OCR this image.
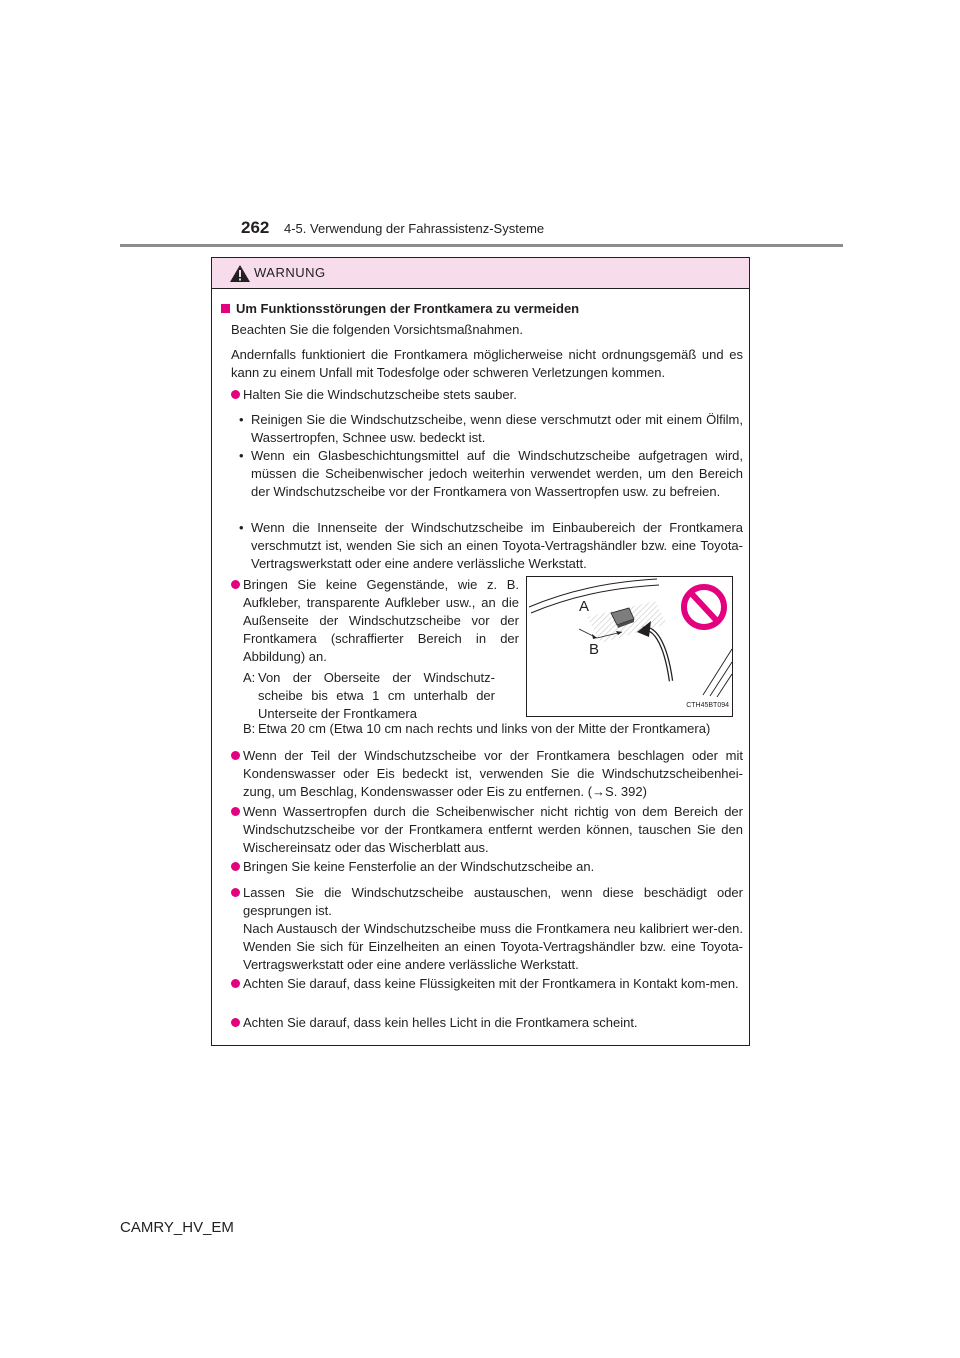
262 4-5. Verwendung der Fahrassistenz-Systeme
WARNUNG

Um Funktionsstörungen der Frontkamera zu vermeiden

Beachten Sie die folgenden Vorsichtsmaßnahmen.

Andernfalls funktioniert die Frontkamera möglicherweise nicht ordnungsgemäß und es kann zu einem Unfall mit Todesfolge oder schweren Verletzungen kommen.

Halten Sie die Windschutzscheibe stets sauber.

• Reinigen Sie die Windschutzscheibe, wenn diese verschmutzt oder mit einem Ölfilm, Wassertropfen, Schnee usw. bedeckt ist.

• Wenn ein Glasbeschichtungsmittel auf die Windschutzscheibe aufgetragen wird, müssen die Scheibenwischer jedoch weiterhin verwendet werden, um den Bereich der Windschutzscheibe vor der Frontkamera von Wassertropfen usw. zu befreien.

• Wenn die Innenseite der Windschutzscheibe im Einbaubereich der Frontkamera verschmutzt ist, wenden Sie sich an einen Toyota-Vertragshändler bzw. eine Toyota-Vertragswerkstatt oder eine andere verlässliche Werkstatt.

Bringen Sie keine Gegenstände, wie z. B. Aufkleber, transparente Aufkleber usw., an die Außenseite der Windschutzscheibe vor der Frontkamera (schraffierter Bereich in der Abbildung) an.

A: Von der Oberseite der Windschutz-scheibe bis etwa 1 cm unterhalb der Unterseite der Frontkamera

B: Etwa 20 cm (Etwa 10 cm nach rechts und links von der Mitte der Frontkamera)

A
B
CTH45BT094

Wenn der Teil der Windschutzscheibe vor der Frontkamera beschlagen oder mit Kondenswasser oder Eis bedeckt ist, verwenden Sie die Windschutzscheibenhei-zung, um Beschlag, Kondenswasser oder Eis zu entfernen. (→S. 392)

Wenn Wassertropfen durch die Scheibenwischer nicht richtig von dem Bereich der Windschutzscheibe vor der Frontkamera entfernt werden können, tauschen Sie den Wischereinsatz oder das Wischerblatt aus.

Bringen Sie keine Fensterfolie an der Windschutzscheibe an.

Lassen Sie die Windschutzscheibe austauschen, wenn diese beschädigt oder gesprungen ist.

Nach Austausch der Windschutzscheibe muss die Frontkamera neu kalibriert wer-den. Wenden Sie sich für Einzelheiten an einen Toyota-Vertragshändler bzw. eine Toyota-Vertragswerkstatt oder eine andere verlässliche Werkstatt.

Achten Sie darauf, dass keine Flüssigkeiten mit der Frontkamera in Kontakt kom-men.

Achten Sie darauf, dass kein helles Licht in die Frontkamera scheint.

CAMRY_HV_EM
